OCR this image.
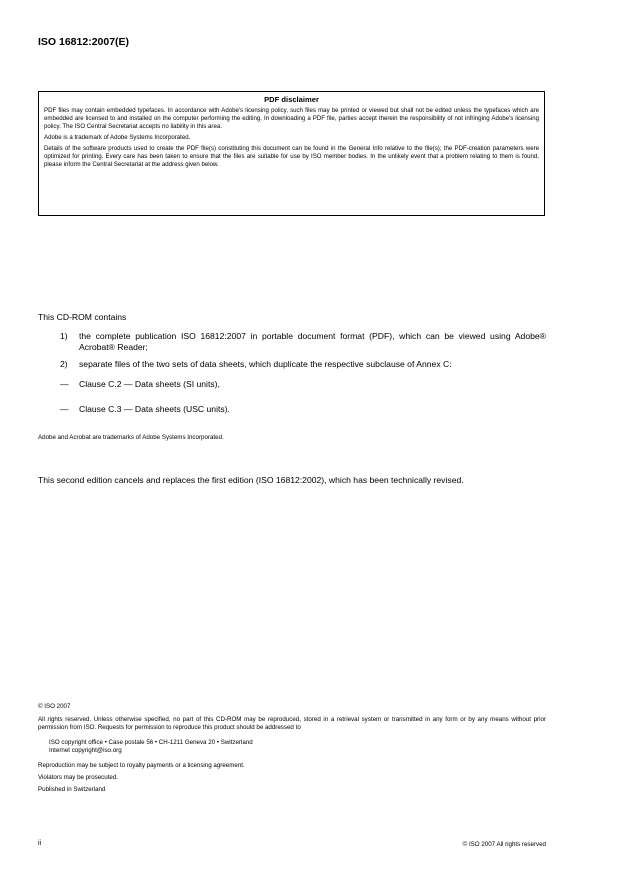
ISO 16812:2007(E)
PDF disclaimer

PDF files may contain embedded typefaces. In accordance with Adobe's licensing policy, such files may be printed or viewed but shall not be edited unless the typefaces which are embedded are licensed to and installed on the computer performing the editing. In downloading a PDF file, parties accept therein the responsibility of not infringing Adobe's licensing policy. The ISO Central Secretariat accepts no liability in this area.

Adobe is a trademark of Adobe Systems Incorporated.

Details of the software products used to create the PDF file(s) constituting this document can be found in the General Info relative to the file(s); the PDF-creation parameters were optimized for printing. Every care has been taken to ensure that the files are suitable for use by ISO member bodies. In the unlikely event that a problem relating to them is found, please inform the Central Secretariat at the address given below.

This CD-ROM contains
1)	the complete publication ISO 16812:2007 in portable document format (PDF), which can be viewed using Adobe® Acrobat® Reader;
2)	separate files of the two sets of data sheets, which duplicate the respective subclause of Annex C:
—	Clause C.2 — Data sheets (SI units),
—	Clause C.3 — Data sheets (USC units).
Adobe and Acrobat are trademarks of Adobe Systems Incorporated.
This second edition cancels and replaces the first edition (ISO 16812:2002), which has been technically revised.
© ISO 2007
All rights reserved. Unless otherwise specified, no part of this CD-ROM may be reproduced, stored in a retrieval system or transmitted in any form or by any means without prior permission from ISO. Requests for permission to reproduce this product should be addressed to
ISO copyright office • Case postale 56 • CH-1211 Geneva 20 • Switzerland
Internet copyright@iso.org
Reproduction may be subject to royalty payments or a licensing agreement.
Violators may be prosecuted.
Published in Switzerland
ii	© ISO 2007 All rights reserved
